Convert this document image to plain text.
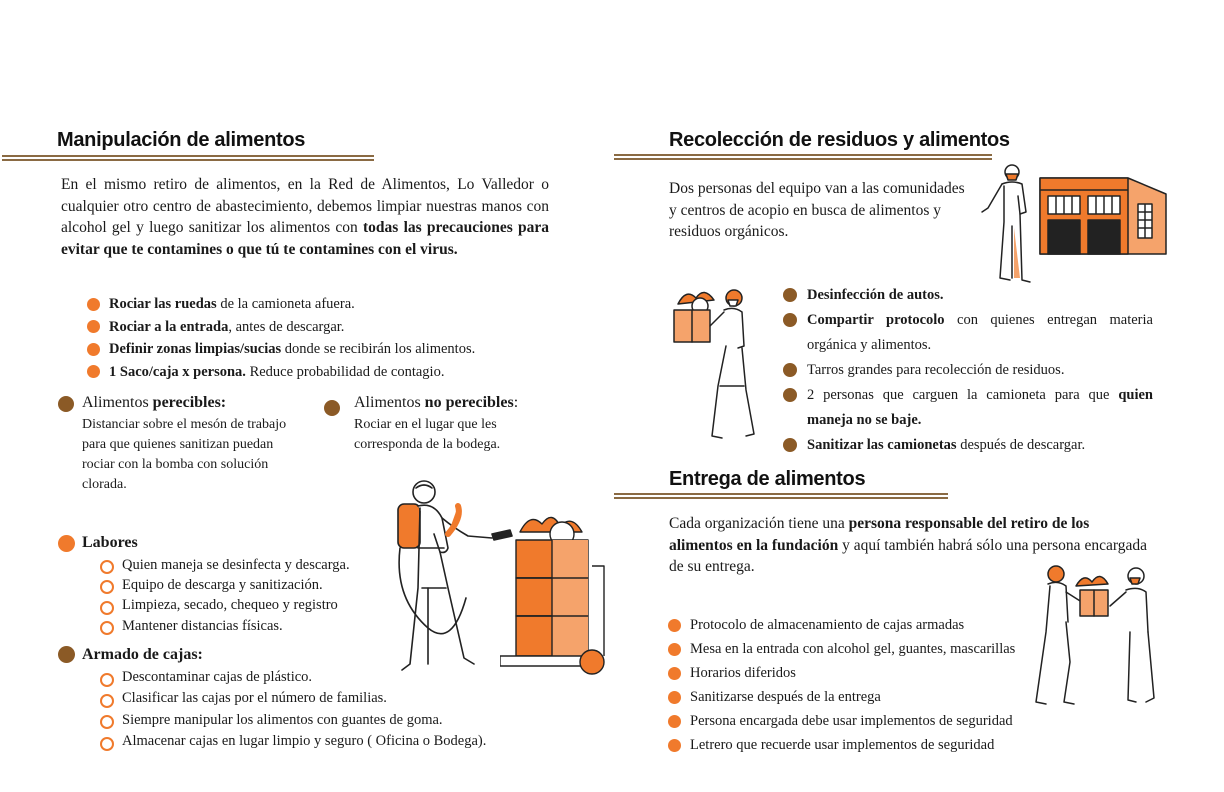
Manipulación de alimentos
En el mismo retiro de alimentos, en la Red de Alimentos, Lo Valledor o cualquier otro centro de abastecimiento, debemos limpiar nuestras manos con alcohol gel y luego sanitizar los alimentos con todas las precauciones para evitar que te contamines o que tú te contamines con el virus.
Rociar las ruedas de la camioneta afuera.
Rociar a la entrada, antes de descargar.
Definir zonas limpias/sucias donde se recibirán los alimentos.
1 Saco/caja x persona. Reduce probabilidad de contagio.
Alimentos perecibles:
Distanciar sobre el mesón de trabajo para que quienes sanitizan puedan rociar con la bomba con solución clorada.
Alimentos no perecibles:
Rociar en el lugar que les corresponda de la bodega.
Labores
Quien maneja se desinfecta y descarga.
Equipo de descarga y sanitización.
Limpieza, secado, chequeo y registro
Mantener distancias físicas.
Armado de cajas:
Descontaminar cajas de plástico.
Clasificar las cajas por el número de familias.
Siempre manipular los alimentos con guantes de goma.
Almacenar cajas en lugar limpio y seguro ( Oficina o Bodega).
Recolección de residuos y alimentos
Dos personas del equipo van a las comunidades y centros de acopio en busca de alimentos y residuos orgánicos.
Desinfección de autos.
Compartir protocolo con quienes entregan materia orgánica y alimentos.
Tarros grandes para recolección de residuos.
2 personas que carguen la camioneta para que quien maneja no se baje.
Sanitizar las camionetas después de descargar.
Entrega de alimentos
Cada organización tiene una persona responsable del retiro de los alimentos en la fundación y aquí también habrá sólo una persona encargada de su entrega.
Protocolo de almacenamiento de cajas armadas
Mesa en la entrada con alcohol gel, guantes, mascarillas
Horarios diferidos
Sanitizarse después de la entrega
Persona encargada debe usar implementos de seguridad
Letrero que recuerde usar implementos de seguridad
